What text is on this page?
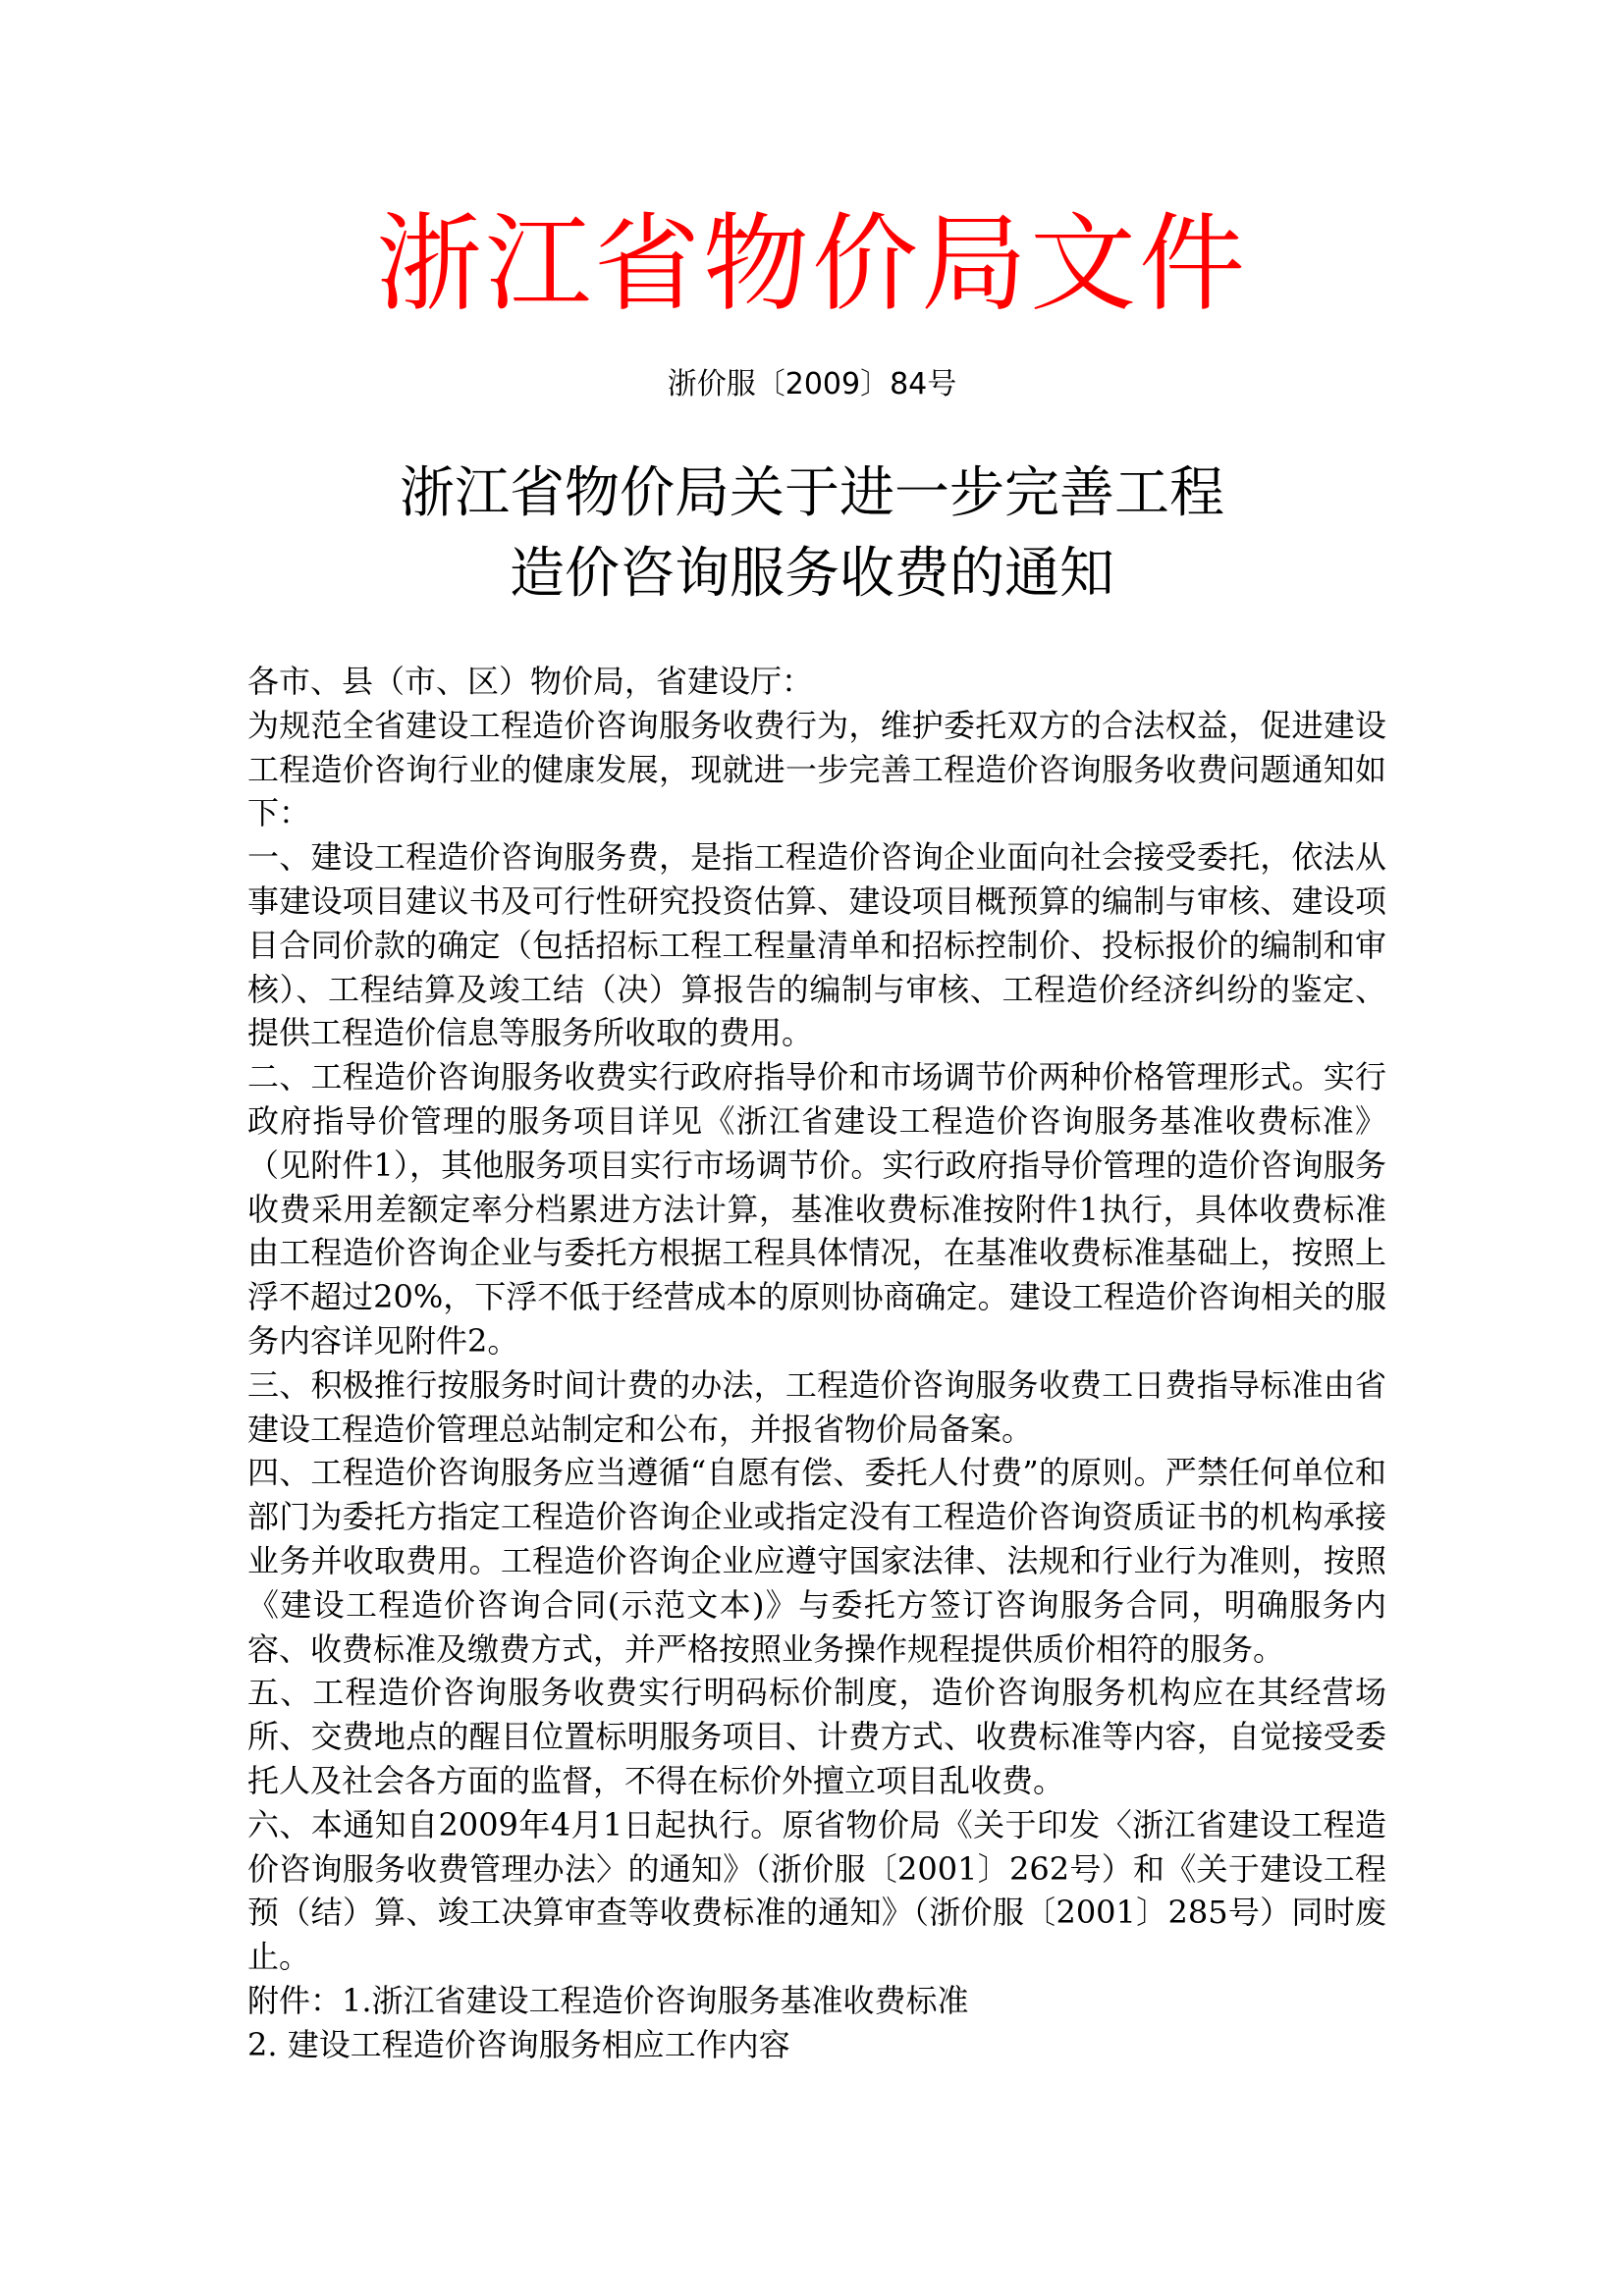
浙江省物价局文件

浙价服〔2009〕84号

浙江省物价局关于进一步完善工程
造价咨询服务收费的通知

各市、县（市、区）物价局，省建设厅：

为规范全省建设工程造价咨询服务收费行为，维护委托双方的合法权益，促进建设工程造价咨询行业的健康发展，现就进一步完善工程造价咨询服务收费问题通知如下：

一、建设工程造价咨询服务费，是指工程造价咨询企业面向社会接受委托，依法从事建设项目建议书及可行性研究投资估算、建设项目概预算的编制与审核、建设项目合同价款的确定（包括招标工程工程量清单和招标控制价、投标报价的编制和审核）、工程结算及竣工结（决）算报告的编制与审核、工程造价经济纠纷的鉴定、提供工程造价信息等服务所收取的费用。

二、工程造价咨询服务收费实行政府指导价和市场调节价两种价格管理形式。实行政府指导价管理的服务项目详见《浙江省建设工程造价咨询服务基准收费标准》（见附件1），其他服务项目实行市场调节价。实行政府指导价管理的造价咨询服务收费采用差额定率分档累进方法计算，基准收费标准按附件1执行，具体收费标准由工程造价咨询企业与委托方根据工程具体情况，在基准收费标准基础上，按照上浮不超过20%，下浮不低于经营成本的原则协商确定。建设工程造价咨询相关的服务内容详见附件2。

三、积极推行按服务时间计费的办法，工程造价咨询服务收费工日费指导标准由省建设工程造价管理总站制定和公布，并报省物价局备案。

四、工程造价咨询服务应当遵循“自愿有偿、委托人付费”的原则。严禁任何单位和部门为委托方指定工程造价咨询企业或指定没有工程造价咨询资质证书的机构承接业务并收取费用。工程造价咨询企业应遵守国家法律、法规和行业行为准则，按照《建设工程造价咨询合同(示范文本)》与委托方签订咨询服务合同，明确服务内容、收费标准及缴费方式，并严格按照业务操作规程提供质价相符的服务。

五、工程造价咨询服务收费实行明码标价制度，造价咨询服务机构应在其经营场所、交费地点的醒目位置标明服务项目、计费方式、收费标准等内容，自觉接受委托人及社会各方面的监督，不得在标价外擅立项目乱收费。

六、本通知自2009年4月1日起执行。原省物价局《关于印发〈浙江省建设工程造价咨询服务收费管理办法〉的通知》（浙价服〔2001〕262号）和《关于建设工程预（结）算、竣工决算审查等收费标准的通知》（浙价服〔2001〕285号）同时废止。

附件：1.浙江省建设工程造价咨询服务基准收费标准

2. 建设工程造价咨询服务相应工作内容
